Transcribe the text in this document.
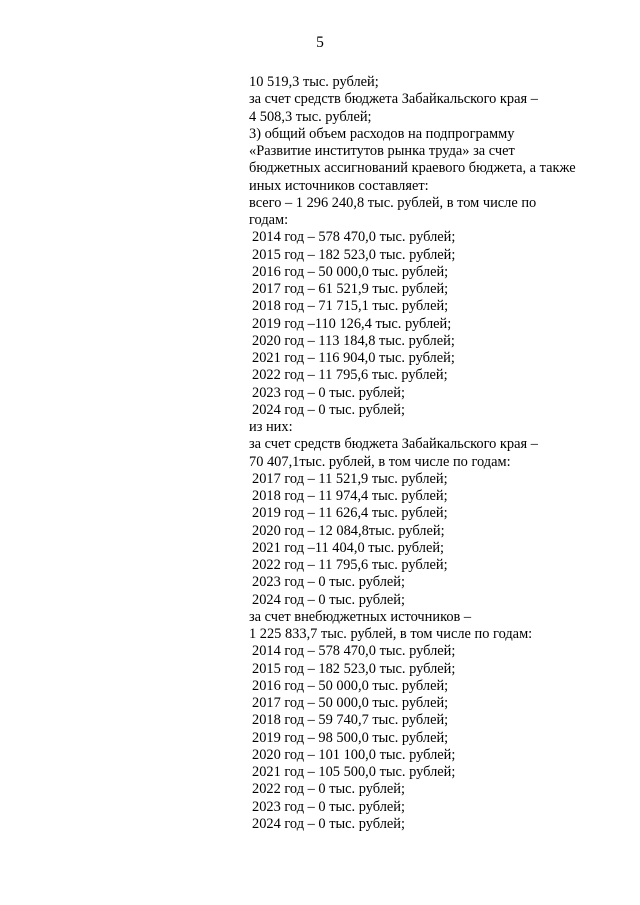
5
10 519,3 тыс. рублей;
за счет средств бюджета Забайкальского края –
4 508,3 тыс. рублей;
3) общий объем расходов на подпрограмму
«Развитие институтов рынка труда» за счет
бюджетных ассигнований краевого бюджета, а также
иных источников составляет:
всего – 1 296 240,8 тыс. рублей, в том числе по
годам:
2014 год – 578 470,0 тыс. рублей;
2015 год – 182 523,0 тыс. рублей;
2016 год – 50 000,0 тыс. рублей;
2017 год – 61 521,9 тыс. рублей;
2018 год – 71 715,1 тыс. рублей;
2019 год –110 126,4 тыс. рублей;
2020 год – 113 184,8 тыс. рублей;
2021 год – 116 904,0 тыс. рублей;
2022 год – 11 795,6 тыс. рублей;
2023 год – 0 тыс. рублей;
2024 год – 0 тыс. рублей;
из них:
за счет средств бюджета Забайкальского края –
70 407,1тыс. рублей, в том числе по годам:
2017 год – 11 521,9 тыс. рублей;
2018 год – 11 974,4 тыс. рублей;
2019 год – 11 626,4 тыс. рублей;
2020 год – 12 084,8тыс. рублей;
2021 год –11 404,0 тыс. рублей;
2022 год – 11 795,6 тыс. рублей;
2023 год – 0 тыс. рублей;
2024 год – 0 тыс. рублей;
за счет внебюджетных источников –
1 225 833,7 тыс. рублей, в том числе по годам:
2014 год – 578 470,0 тыс. рублей;
2015 год – 182 523,0 тыс. рублей;
2016 год – 50 000,0 тыс. рублей;
2017 год – 50 000,0 тыс. рублей;
2018 год – 59 740,7 тыс. рублей;
2019 год – 98 500,0 тыс. рублей;
2020 год – 101 100,0 тыс. рублей;
2021 год – 105 500,0 тыс. рублей;
2022 год – 0 тыс. рублей;
2023 год – 0 тыс. рублей;
2024 год – 0 тыс. рублей;
